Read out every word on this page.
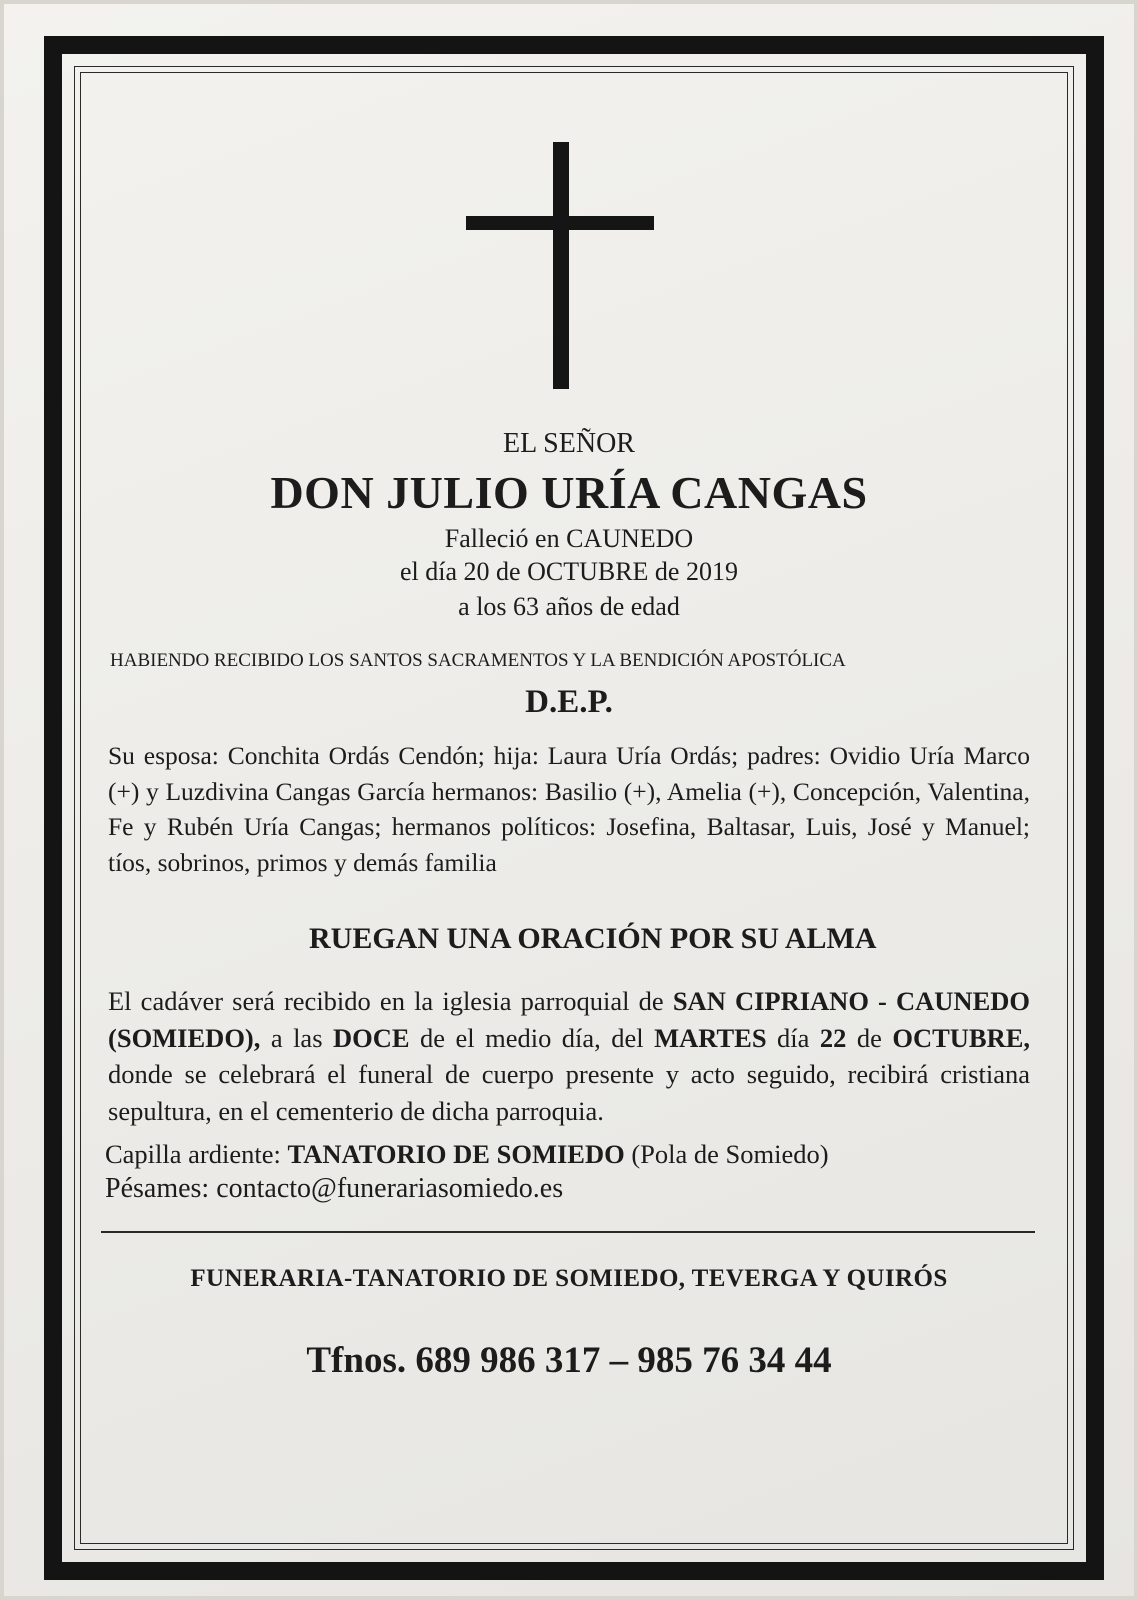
EL SEÑOR
DON JULIO URÍA CANGAS
Falleció en CAUNEDO
el día 20 de OCTUBRE de 2019
a los 63 años de edad
HABIENDO RECIBIDO LOS SANTOS SACRAMENTOS Y LA BENDICIÓN APOSTÓLICA
D.E.P.
Su esposa: Conchita Ordás Cendón; hija: Laura Uría Ordás; padres: Ovidio Uría Marco (+) y Luzdivina Cangas García hermanos: Basilio (+), Amelia (+), Concepción, Valentina, Fe y Rubén Uría Cangas; hermanos políticos: Josefina, Baltasar, Luis, José y Manuel; tíos, sobrinos, primos y demás familia
RUEGAN UNA ORACIÓN POR SU ALMA
El cadáver será recibido en la iglesia parroquial de SAN CIPRIANO - CAUNEDO (SOMIEDO), a las DOCE de el medio día, del MARTES día 22 de OCTUBRE, donde se celebrará el funeral de cuerpo presente y acto seguido, recibirá cristiana sepultura, en el cementerio de dicha parroquia.
Capilla ardiente: TANATORIO DE SOMIEDO (Pola de Somiedo)
Pésames: contacto@funerariasomiedo.es
FUNERARIA-TANATORIO DE SOMIEDO, TEVERGA Y QUIRÓS
Tfnos. 689 986 317 – 985 76 34 44
